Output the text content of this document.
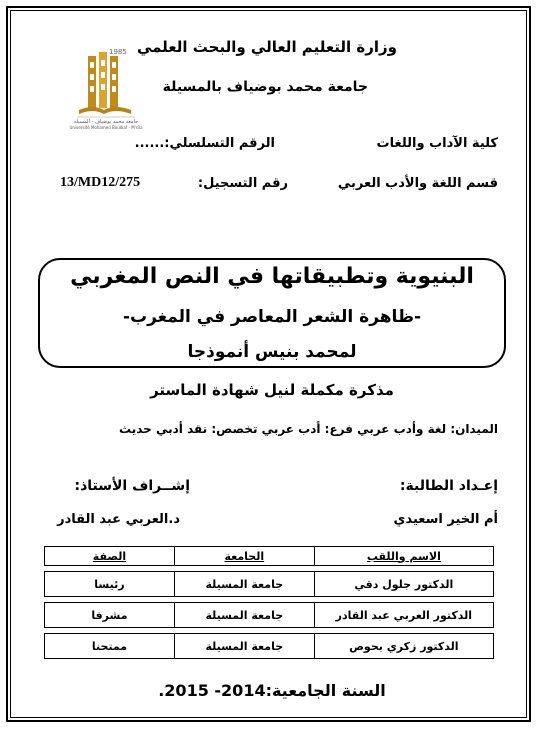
وزارة التعليم العالي والبحث العلمي
جامعة محمد بوضياف بالمسيلة
1985
جامعة محمد بوضياف - المسيلة
Université Mohamed Boudiaf - M'sila
كلية الآداب واللغات
الرقم التسلسلي:......
قسم اللغة والأدب العربي
رقم التسجيل:
13/MD12/275
البنيوية وتطبيقاتها في النص المغربي
-ظاهرة الشعر المعاصر في المغرب-
لمحمد بنيس أنموذجا
مذكرة مكملة لنيل شهادة الماستر
الميدان: لغة وأدب عربي فرع: أدب عربي تخصص: نقد أدبي حديث
إعـداد الطالبة:
إشــراف الأستاذ:
أم الخير اسعيدي
د.العربي عبد القادر
الاسم واللقب	الجامعة	الصفة

الدكتور جلول دقي	جامعة المسيلة	رئيسا

الدكتور العربي عبد القادر	جامعة المسيلة	مشرفا

الدكتور زكري بحوص	جامعة المسيلة	ممتحنا
السنة الجامعية:2014- 2015.
